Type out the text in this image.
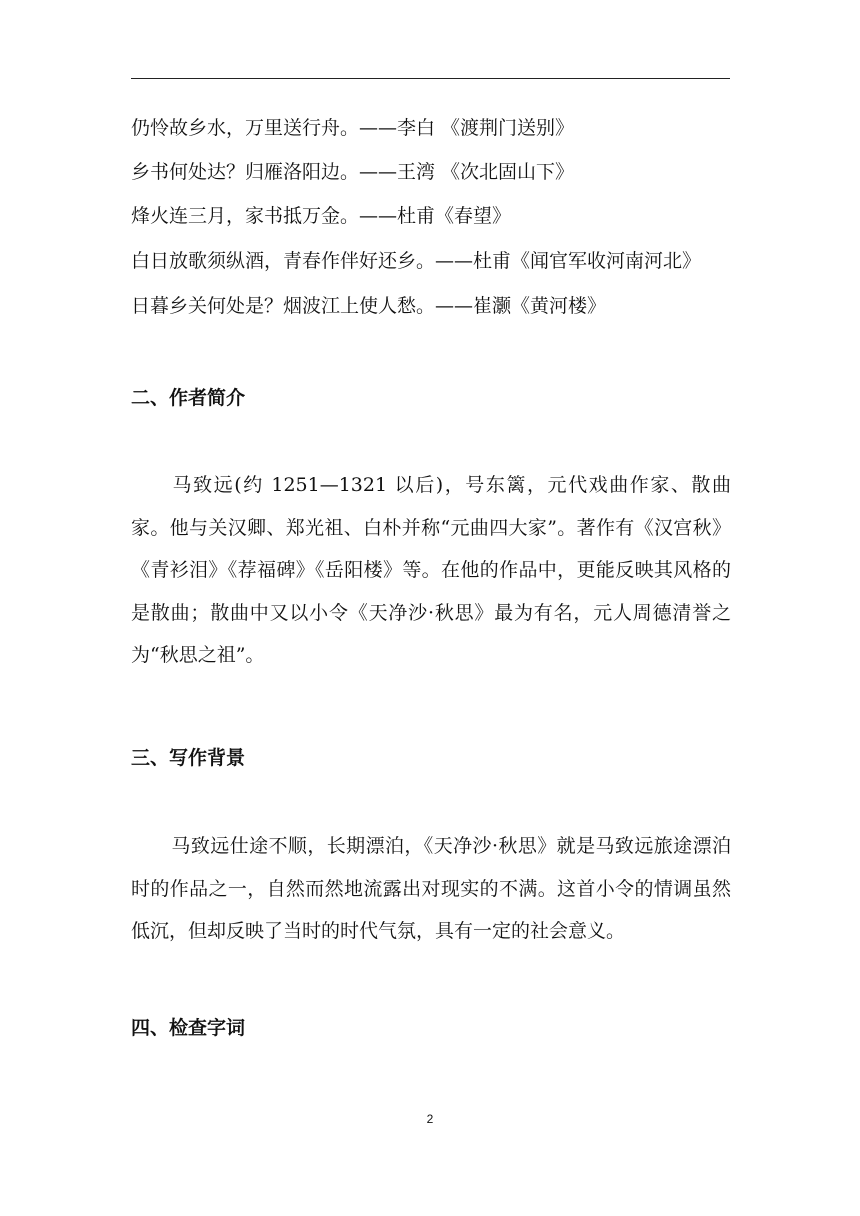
仍怜故乡水，万里送行舟。——李白 《渡荆门送别》
乡书何处达？归雁洛阳边。——王湾 《次北固山下》
烽火连三月，家书抵万金。——杜甫《春望》
白日放歌须纵酒，青春作伴好还乡。——杜甫《闻官军收河南河北》
日暮乡关何处是？烟波江上使人愁。——崔灏《黄河楼》
二、作者简介
马致远(约 1251—1321 以后)，号东篱，元代戏曲作家、散曲家。他与关汉卿、郑光祖、白朴并称“元曲四大家”。著作有《汉宫秋》《青衫泪》《荐福碑》《岳阳楼》等。在他的作品中，更能反映其风格的是散曲；散曲中又以小令《天净沙·秋思》最为有名，元人周德清誉之为“秋思之祖”。
三、写作背景
马致远仕途不顺，长期漂泊，《天净沙·秋思》就是马致远旅途漂泊时的作品之一，自然而然地流露出对现实的不满。这首小令的情调虽然低沉，但却反映了当时的时代气氛，具有一定的社会意义。
四、检查字词
2
